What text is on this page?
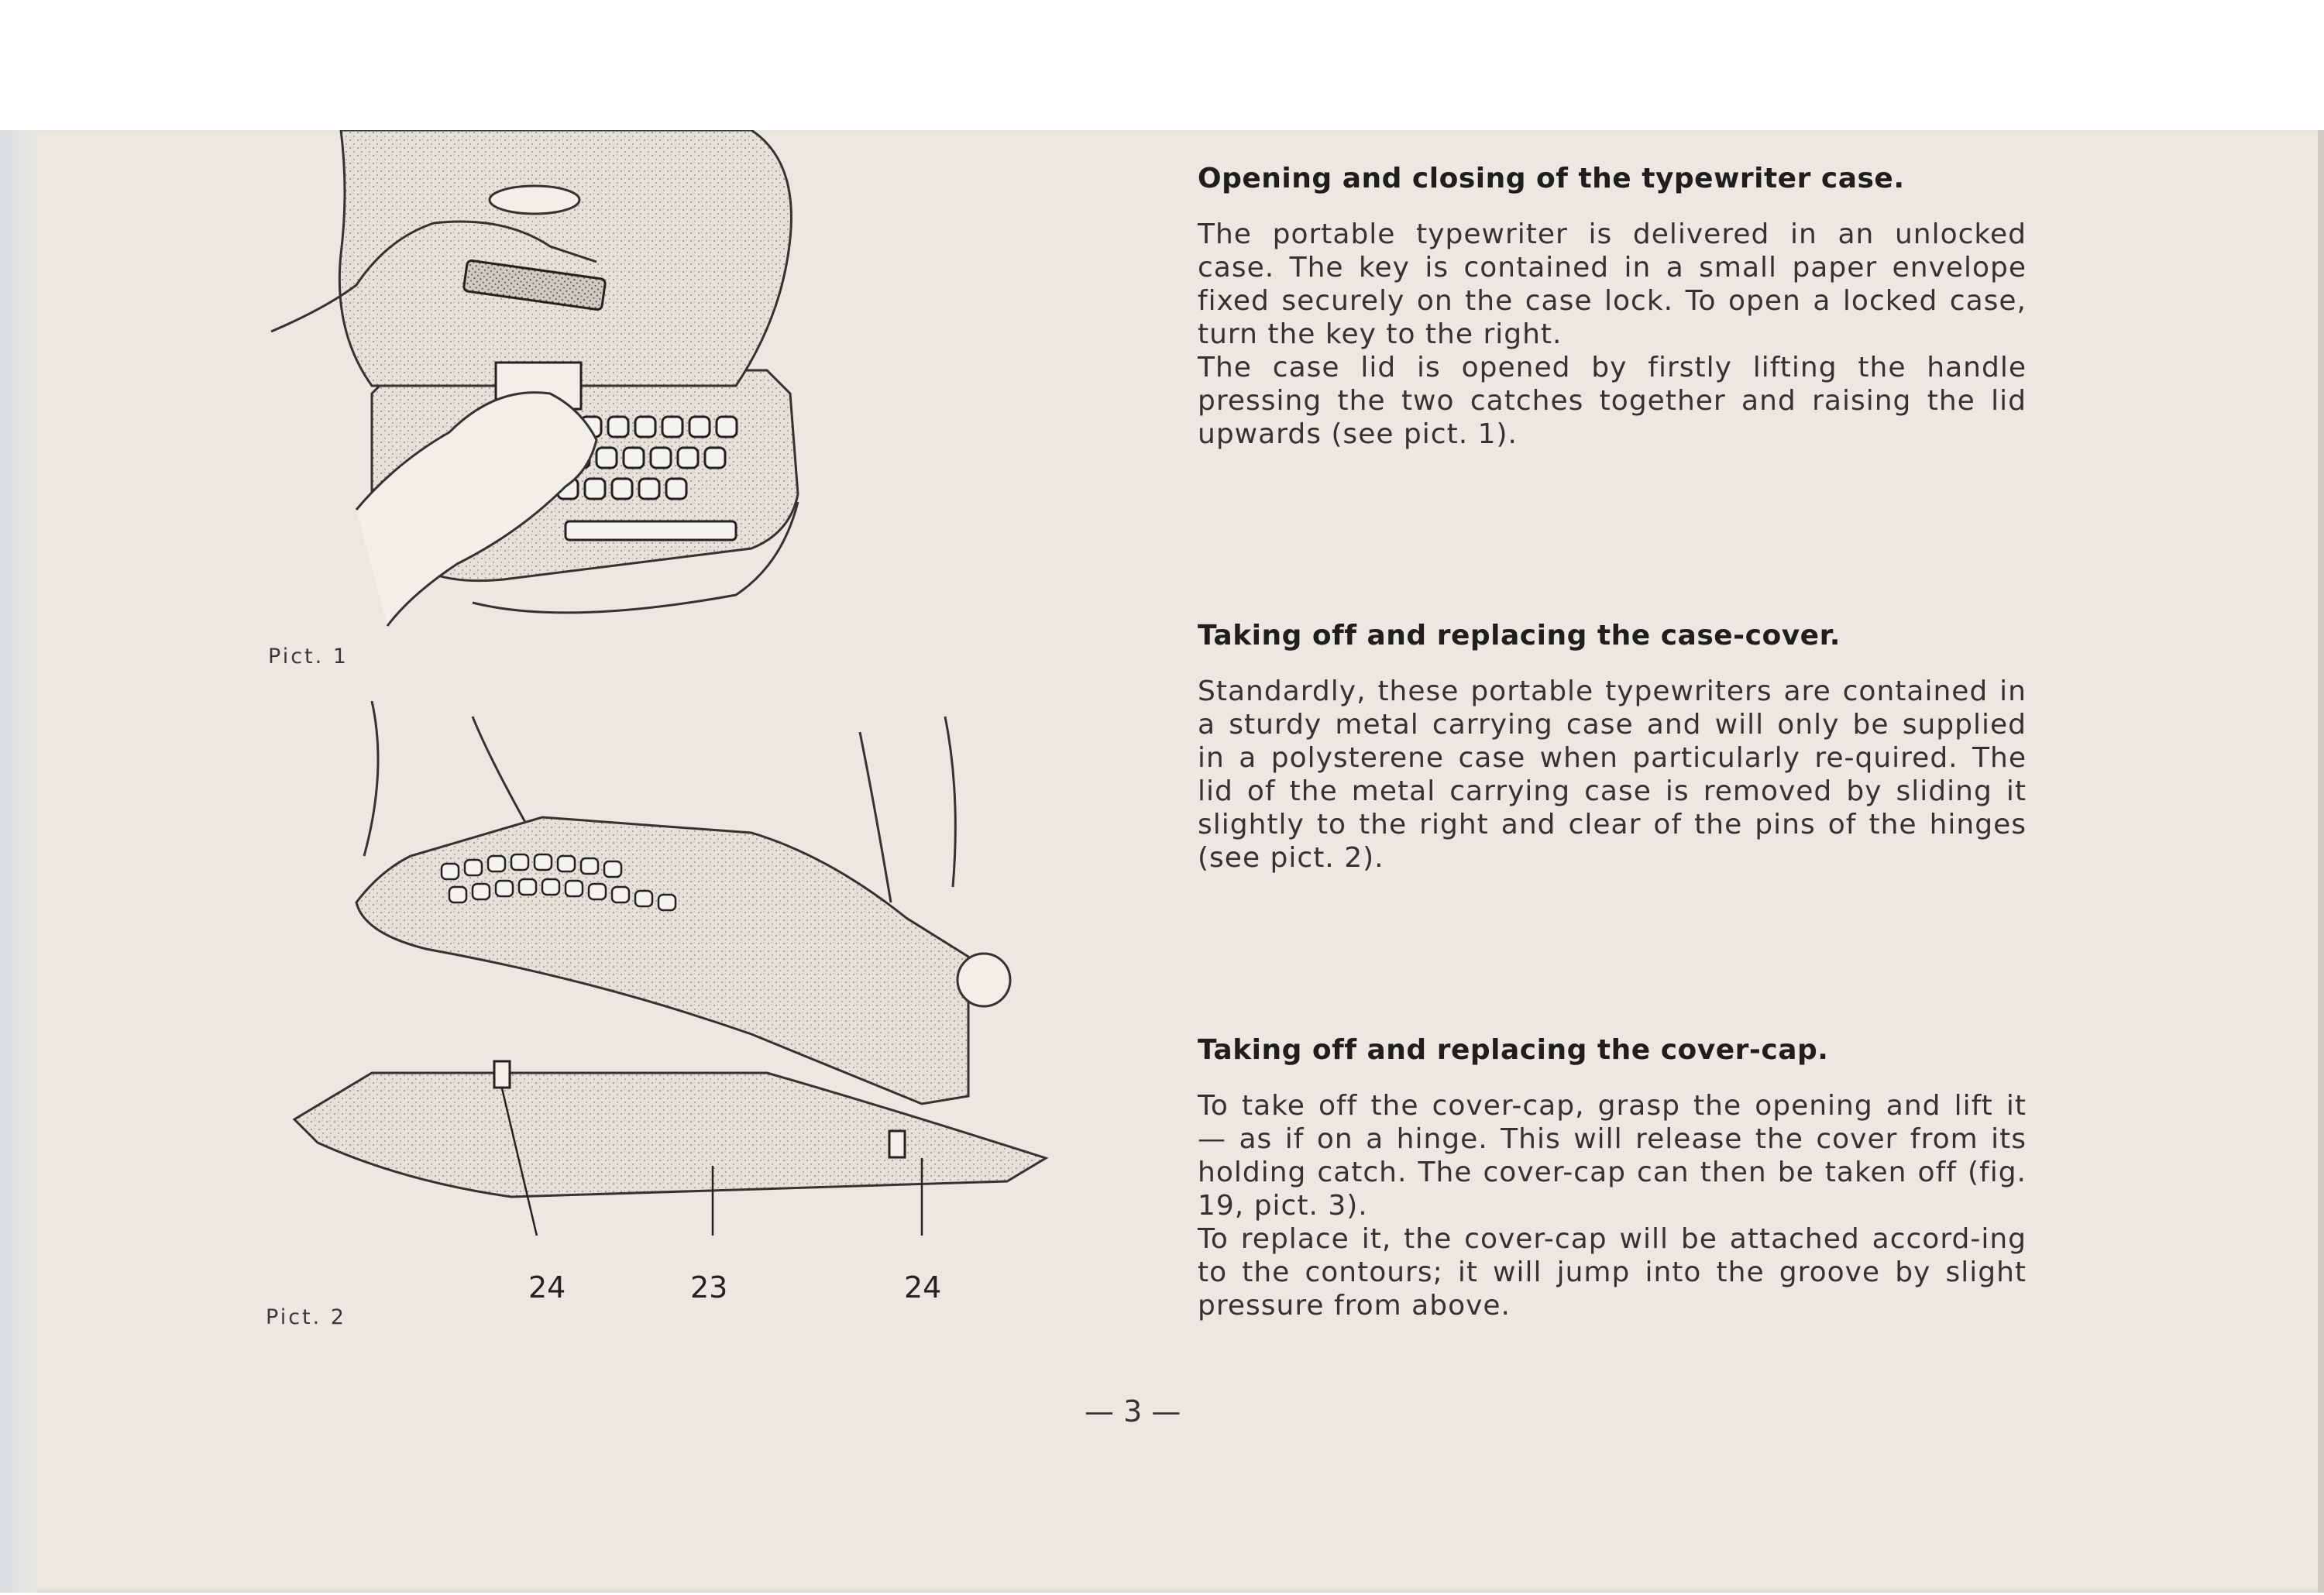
Pict. 1
24	23	24
Pict. 2
Opening and closing of the typewriter case.

The portable typewriter is delivered in an unlocked case. The key is contained in a small paper envelope fixed securely on the case lock. To open a locked case, turn the key to the right.

The case lid is opened by firstly lifting the handle pressing the two catches together and raising the lid upwards (see pict. 1).

Taking off and replacing the case-cover.

Standardly, these portable typewriters are contained in a sturdy metal carrying case and will only be supplied in a polysterene case when particularly re-quired. The lid of the metal carrying case is removed by sliding it slightly to the right and clear of the pins of the hinges (see pict. 2).

Taking off and replacing the cover-cap.

To take off the cover-cap, grasp the opening and lift it — as if on a hinge. This will release the cover from its holding catch. The cover-cap can then be taken off (fig. 19, pict. 3).

To replace it, the cover-cap will be attached accord-ing to the contours; it will jump into the groove by slight pressure from above.

— 3 —
